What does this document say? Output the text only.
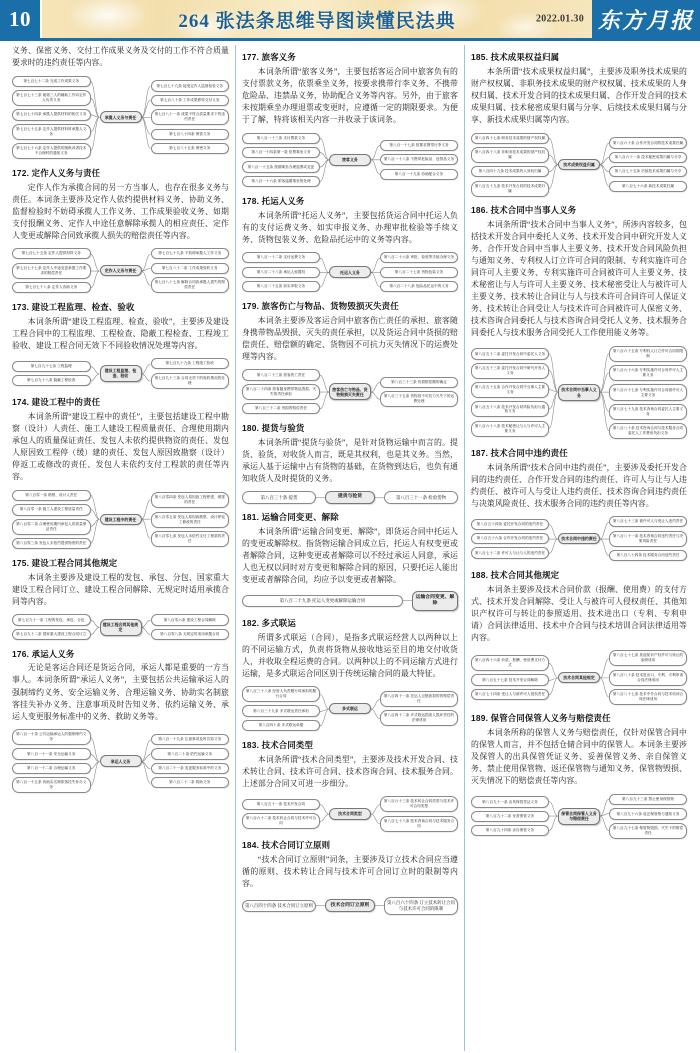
10	264 张法条思维导图读懂民法典	2022.01.30 东方月报

义务、保密义务、交付工作成果义务及交付的工作不符合质量要求时的违约责任等内容。

第七百七十二条 完成工作成果义务
第七百七十三条 就第三人的辅助工作向定作人负责义务
第七百七十四条 承揽人提供材料的相关义务
第七百七十五条 定作人提供材料时承揽人义务
第七百七十六条 定作人提供的图纸或者技术不合理时的通知义务
承揽人义务与责任
第七百七十九条 接受定作人监督检验义务
第七百八十条 工作成果移转交付义务
第七百八十一条 成果不符合质量要求下的违约责任
第七百八十四条 保管义务
第七百八十五条 保密义务
172. 定作人义务与责任

定作人作为承揽合同的另一方当事人，也存在很多义务与责任。本词条主要涉及定作人依约提供材料义务、协助义务、监督检验时不妨碍承揽人工作义务、工作成果验收义务、如期支付报酬义务、定作人中途任意解除承揽人的相应责任、定作人变更或解除合同致承揽人损失的赔偿责任等内容。

第七百七十五条 定作人提供材料义务
第七百七十七条 定作人中途变更承揽工作要求的赔偿责任
第七百七十八条 定作人协助义务
定作人义务与责任
第七百七十九条 不妨碍承揽人工作义务
第七百八十二条 工作成果验收义务
第七百八十七条 解除合同致承揽人损失的赔偿责任
173. 建设工程监理、检查、验收

本词条所谓“建设工程监理、检查、验收”，主要涉及建设工程合同中的工程监理、工程检查、隐蔽工程检查、工程竣工验收、建设工程合同无效下不同验收情况处理等内容。

第七百九十七条 工程监理
第七百九十八条 隐蔽工程检查
建设工程监理、检查、验收
第七百九十九条 工程竣工验收
第七百九十三条 合同无效下的验收情况的处理
174. 建设工程中的责任

本词条所谓“建设工程中的责任”，主要包括建设工程中勘察（设计）人责任、施工人建设工程质量责任、合理使用期内承包人的质量保证责任、发包人未依约提供物资的责任、发包人原因致工程停（缓）建的责任、发包人原因致勘察（设计）停返工或修改的责任、发包人未依约支付工程款的责任等内容。

第八百零一条 勘察、设计人责任
第八百零一条 施工人建设工程质量责任
第八百零二条 合理使用期内承包人的质量保证责任
第八百零三条 发包人未依约提供物资的责任
建设工程中的责任
第八百零四条 发包人原因致工程停建、缓建的责任
第八百零五条 发包人原因致勘察、设计停返工修改的责任
第八百零七条 发包人未依约支付工程款的责任
175. 建设工程合同其他规定

本词条主要涉及建设工程的发包、承包、分包、国家重大建设工程合同订立、建设工程合同解除、无规定时适用承揽合同等内容。

第七百九十一条 工程的发包、承包、分包
第七百九十二条 国家重大建设工程合同订立
建设工程合同其他规定
第八百零六条 建设工程合同解除
第八百零八条 无规定时适用承揽合同
176. 承运人义务

无论是客运合同还是货运合同，承运人都是重要的一方当事人。本词条所谓“承运人义务”，主要包括公共运输承运人的强制缔约义务、安全运输义务、合理运输义务、协助实名制旅客挂失补办义务、注意事项及时告知义务、依约运输义务、承运人变更服务标准中的义务、救助义务等。

第八百一十条 公共运输承运人的强制缔约义务
第八百一十一条 安全运输义务
第八百一十二条 合理运输义务
第八百一十五条 协助实名制旅客挂失补办义务
承运人义务
第八百一十九条 注意事项及时告知义务
第八百二十条 依约运输义务
第八百二十一条 变更服务标准中的义务
第八百二十二条 救助义务
177. 旅客义务

本词条所谓“旅客义务”，主要包括客运合同中旅客负有的支付票款义务，依票乘坐义务，按要求携带行李义务、不携带危险品、违禁品义务，协助配合义务等内容。另外，由于旅客未按期乘坐办理退票或变更时，应遵循一定的期限要求。为便于了解，特将该相关内容一并收录于该词条。

第八百一十三条 支付票款义务
第八百一十四条第一款 依票乘坐义务
第八百一十五条 按期乘坐办理退票或变更
第八百一十六条 旅客逾期乘坐的处理
旅客义务
第八百一十七条 按要求携带行李义务
第八百一十八条 不携带危险品、违禁品义务
第八百一十九条 协助配合义务
178. 托运人义务

本词条所谓“托运人义务”，主要包括货运合同中托运人负有的支付运费义务、如实申报义务、办理审批检验等手续义务、货物包装义务、危险品托运中的义务等内容。

第八百一十二条 支付运费义务
第八百二十八条 承运人留置权
第八百二十五条 如实申报义务
托运人义务
第八百二十六条 审批、检验等手续办理义务
第八百二十七条 货物包装义务
第八百二十八条 危险品托运中的义务
179. 旅客伤亡与物品、货物毁损灭失责任

本词条主要涉及客运合同中旅客伤亡责任的承担、旅客随身携带物品毁损、灭失的责任承担，以及货运合同中货损的赔偿责任、赔偿额的确定、货物因不可抗力灭失情况下的运费处理等内容。

第八百二十三条 旅客伤亡责任
第八百二十四条 旅客随身携带物品毁损、灭失的责任承担
第八百三十二条 货损的赔偿责任
旅客伤亡与物品、货物毁损灭失责任
第八百三十三条 货损赔偿额的确定
第八百三十五条 货物因不可抗力灭失下的运费处理
180. 提货与验货

本词条所谓“提货与验货”，是针对货物运输中而言的。提货、验货，对收货人而言，既是其权利，也是其义务。当然，承运人基于运输中占有货物的基础，在货物到达后，也负有通知收货人及时提货的义务。

第八百三十条 提货	提货与验货	第八百三十一条 检验货物
181. 运输合同变更、解除

本词条所谓“运输合同变更、解除”，即货运合同中托运人的变更或解除权。指货物运输合同成立后，托运人有权变更或者解除合同，这种变更或者解除可以不经过承运人同意，承运人也无权以同时对方变更和解除合同的原因，只要托运人能出变更或者解除合同，均应予以变更或者解除。

第八百二十九条 托运人变更或解除运输合同
运输合同变更、解除
182. 多式联运

所谓多式联运（合同），是指多式联运经营人以两种以上的不同运输方式，负责将货物从接收地运至目的地交付收货人，并收取全程运费的合同。以两种以上的不同运输方式进行运输，是多式联运合同区别于传统运输合同的最大特征。

第八百三十八条 经营人负责履行或承担的履行合同
第八百三十九条 多式联运责任承担
第八百四十条 多式联运单据
多式联运
第八百四十一条 托运人过错致损的的赔偿责任
第八百四十二条 多式联运损害人损坏责任的法律适用
183. 技术合同类型

本词条所谓“技术合同类型”，主要涉及技术开发合同、技术转让合同、技术许可合同、技术咨询合同、技术服务合同。上述部分合同又可进一步细分。

第八百五十一条 技术开发合同
第八百六十二条 技术转让合同与技术许可合同
技术合同类型
第八百六十三条 技术转让合同类型与技术许可合同类型
第八百七十八条 技术咨询合同与技术服务合同
184. 技术合同订立原则

“技术合同订立原则”词条，主要涉及订立技术合同应当遵循的原则、技术转让合同与技术许可合同订立时的限制等内容。

第八百四十四条 技术合同订立原则	技术合同订立原则
第八百六十四条 订立技术转让合同与技术许可合同的限制
185. 技术成果权益归属

本条所谓“技术成果权益归属”，主要涉及职务技术成果的财产权权属、非职务技术成果的财产权权属、技术成果的人身权归属、技术开发合同的技术成果归属、合作开发合同的技术成果归属、技术秘密成果归属与分享、后续技术成果归属与分享、新技术成果归属等内容。

第八百四十七条 职务技术成果的财产权权属
第八百四十八条 非职务技术成果的财产权权属
第八百四十九条 技术成果的人身权归属
第八百五十九条 技术开发合同的技术成果归属
技术成果权益归属
第八百六十条 合作开发合同的技术成果归属
第八百六十一条 技术秘密成果归属与分享
第八百七十五条 后续技术成果归属与分享
第八百七十六条 新技术成果归属
186. 技术合同中当事人义务

本词条所谓“技术合同中当事人义务”，所涉内容较多，包括技术开发合同中委托人义务、技术开发合同中研究开发人义务、合作开发合同中当事人主要义务、技术开发合同风险负担与通知义务、专利权人订立许可合同的限制、专利实施许可合同许可人主要义务、专利实施许可合同被许可人主要义务、技术秘密让与人与许可人主要义务、技术秘密受让人与被许可人主要义务、技术转让合同让与人与技术许可合同许可人保证义务、技术转让合同受让人与技术许可合同被许可人保密义务、技术咨询合同委托人与技术咨询合同受托人义务、技术服务合同委托人与技术服务合同受托人工作使用能义务等。

第八百五十二条 委托开发合同中委托人义务
第八百五十三条 委托开发合同中研究开发人义务
第八百五十五条 合作开发合同中当事人主要义务
第八百五十八条 技术开发合同风险负担与通知义务
第八百六十八条 技术秘密让与人与许可人主要义务
技术合同中当事人义务
第八百六十五条 专利权人订立许可合同的限制
第八百六十六条 专利实施许可合同许可人主要义务
第八百六十七条 专利实施许可合同被许可人主要义务
第八百七十九条 技术咨询合同委托人主要义务
第八百八十条 技术咨询合同与技术服务合同委托人工作费用负担义务
187. 技术合同中违约责任

本词条所谓“技术合同中违约责任”，主要涉及委托开发合同的违约责任、合作开发合同的违约责任、许可人与让与人违约责任、被许可人与受让人违约责任、技术咨询合同违约责任与决策风险责任、技术服务合同的违约责任等内容。

第八百五十四条 委托开发合同的违约责任
第八百五十六条 合作开发合同的违约责任
第八百七十二条 许可人与让与人的违约责任
技术合同中违约责任
第八百七十三条 被许可人与受让人违约责任
第八百八十一条 技术咨询合同违约责任与决策风险责任
第八百八十四条 技术服务合同违约责任
188. 技术合同其他规定

本词条主要涉及技术合同价款（报酬、使用费）的支付方式、技术开发合同解除、受让人与被许可人侵权责任、其他知识产权许可与转让的参照适用、技术进出口（专利、专利申请）合同法律适用、技术中介合同与技术培训合同法律适用等内容。

第八百四十六条 价款、报酬、使用费支付方式
第八百五十七条 技术开发合同解除
第八百七十四条 受让人与被许可人侵权责任
技术合同其他规定
第八百七十七条 其他知识产权许可与转让的参照适用
第八百八十条 技术进出口、专利、专利申请合同法律适用
第八百八十七条 技术中介合同与技术培训合同法律适用
189. 保管合同保管人义务与赔偿责任

本词条所称的保管人义务与赔偿责任，仅针对保管合同中的保管人而言，并不包括仓储合同中的保管人。本词条主要涉及保管人的出具保管凭证义务、妥善保管义务、亲自保管义务、禁止使用保管物、返还保管物与通知义务、保管物毁损、灭失情况下的赔偿责任等内容。

第八百九十一条 出具保管凭证义务
第八百九十二条 妥善保管义务
第八百九十四条 亲自保管义务
保管合同保管人义务与赔偿责任
第八百九十三条 禁止使用保管物
第八百九十六条 返还保管物与通知义务
第八百九十七条 保管物毁损、灭失下的赔偿责任
